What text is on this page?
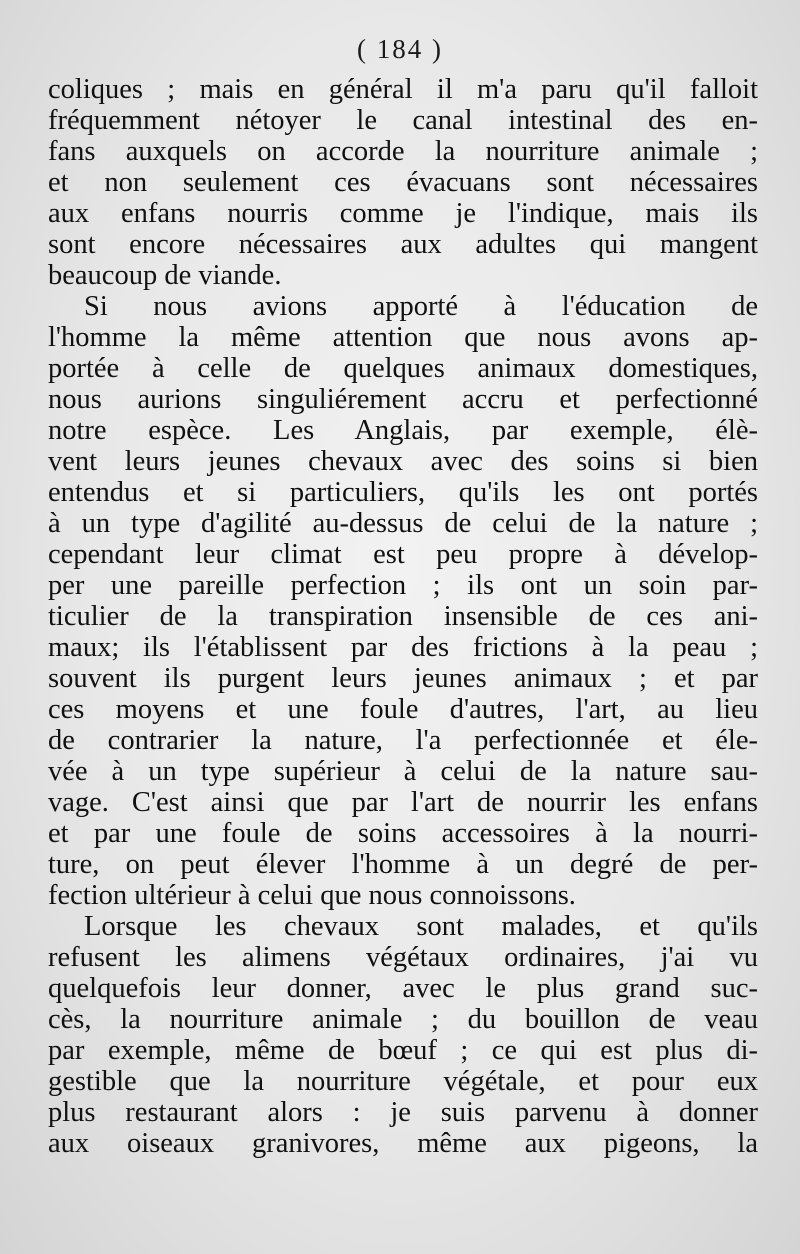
( 184 )
coliques ; mais en général il m'a paru qu'il falloit
fréquemment nétoyer le canal intestinal des en-
fans auxquels on accorde la nourriture animale ;
et non seulement ces évacuans sont nécessaires
aux enfans nourris comme je l'indique, mais ils
sont encore nécessaires aux adultes qui mangent
beaucoup de viande.
Si nous avions apporté à l'éducation de
l'homme la même attention que nous avons ap-
portée à celle de quelques animaux domestiques,
nous aurions singuliérement accru et perfectionné
notre espèce. Les Anglais, par exemple, élè-
vent leurs jeunes chevaux avec des soins si bien
entendus et si particuliers, qu'ils les ont portés
à un type d'agilité au-dessus de celui de la nature ;
cependant leur climat est peu propre à dévelop-
per une pareille perfection ; ils ont un soin par-
ticulier de la transpiration insensible de ces ani-
maux; ils l'établissent par des frictions à la peau ;
souvent ils purgent leurs jeunes animaux ; et par
ces moyens et une foule d'autres, l'art, au lieu
de contrarier la nature, l'a perfectionnée et éle-
vée à un type supérieur à celui de la nature sau-
vage. C'est ainsi que par l'art de nourrir les enfans
et par une foule de soins accessoires à la nourri-
ture, on peut élever l'homme à un degré de per-
fection ultérieur à celui que nous connoissons.
Lorsque les chevaux sont malades, et qu'ils
refusent les alimens végétaux ordinaires, j'ai vu
quelquefois leur donner, avec le plus grand suc-
cès, la nourriture animale ; du bouillon de veau
par exemple, même de bœuf ; ce qui est plus di-
gestible que la nourriture végétale, et pour eux
plus restaurant alors : je suis parvenu à donner
aux oiseaux granivores, même aux pigeons, la
